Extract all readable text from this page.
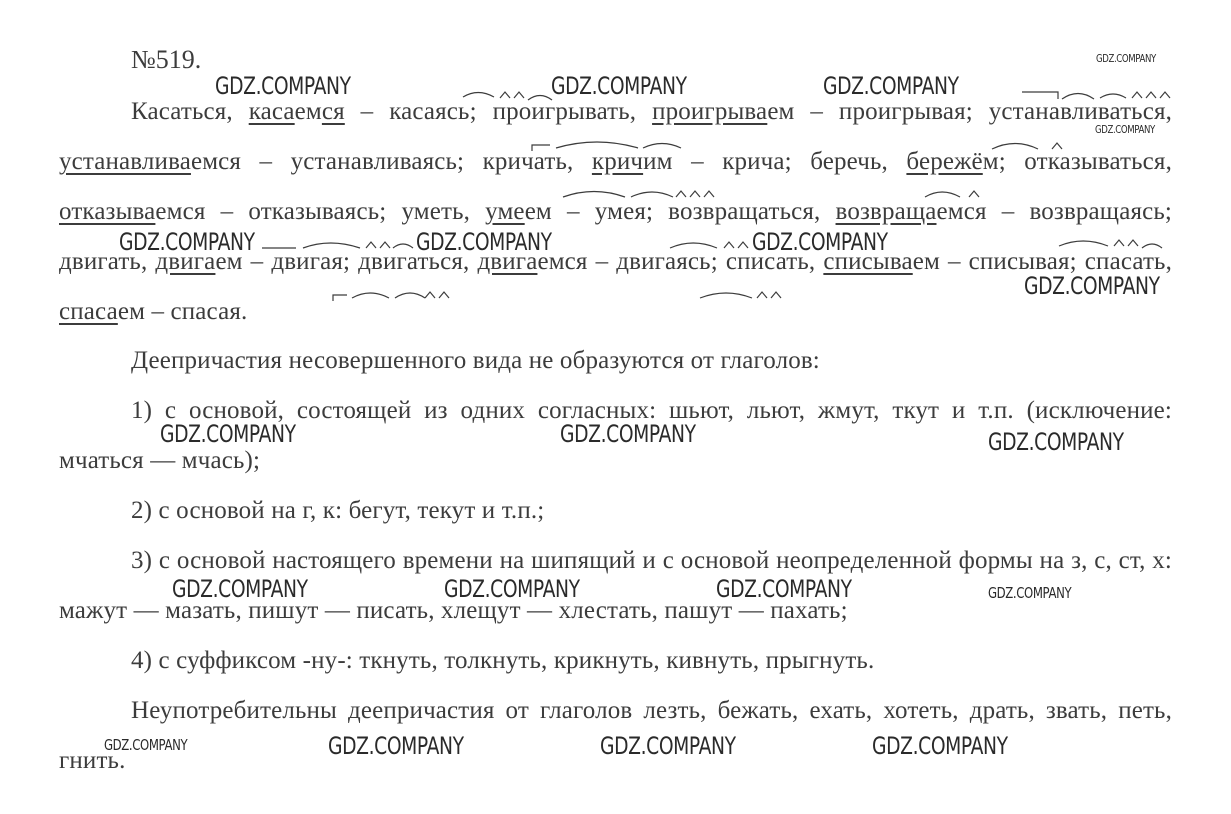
№519.

Касаться, касаемся – касаясь; проигрывать, проигрываем – проигрывая; устанавливаться, устанавливаемся – устанавливаясь; кричать, кричим – крича; беречь, бережём; отказываться, отказываемся – отказываясь; уметь, умеем – умея; возвращаться, возвращаемся – возвращаясь; двигать, двигаем – двигая; двигаться, двигаемся – двигаясь; списать, списываем – списывая; спасать, спасаем – спасая.

Деепричастия несовершенного вида не образуются от глаголов:

1) с основой, состоящей из одних согласных: шьют, льют, жмут, ткут и т.п. (исключение: мчаться — мчась);

2) с основой на г, к: бегут, текут и т.п.;

3) с основой настоящего времени на шипящий и с основой неопределенной формы на з, с, ст, х: мажут — мазать, пишут — писать, хлещут — хлестать, пашут — пахать;

4) с суффиксом -ну-: ткнуть, толкнуть, крикнуть, кивнуть, прыгнуть.

Неупотребительны деепричастия от глаголов лезть, бежать, ехать, хотеть, драть, звать, петь, гнить.

GDZ.COMPANY	GDZ.COMPANY	GDZ.COMPANY
GDZ.COMPANY
GDZ.COMPANY
GDZ.COMPANY	GDZ.COMPANY	GDZ.COMPANY
GDZ.COMPANY
GDZ.COMPANY	GDZ.COMPANY	GDZ.COMPANY
GDZ.COMPANY	GDZ.COMPANY	GDZ.COMPANY	GDZ.COMPANY
GDZ.COMPANY	GDZ.COMPANY	GDZ.COMPANY	GDZ.COMPANY
